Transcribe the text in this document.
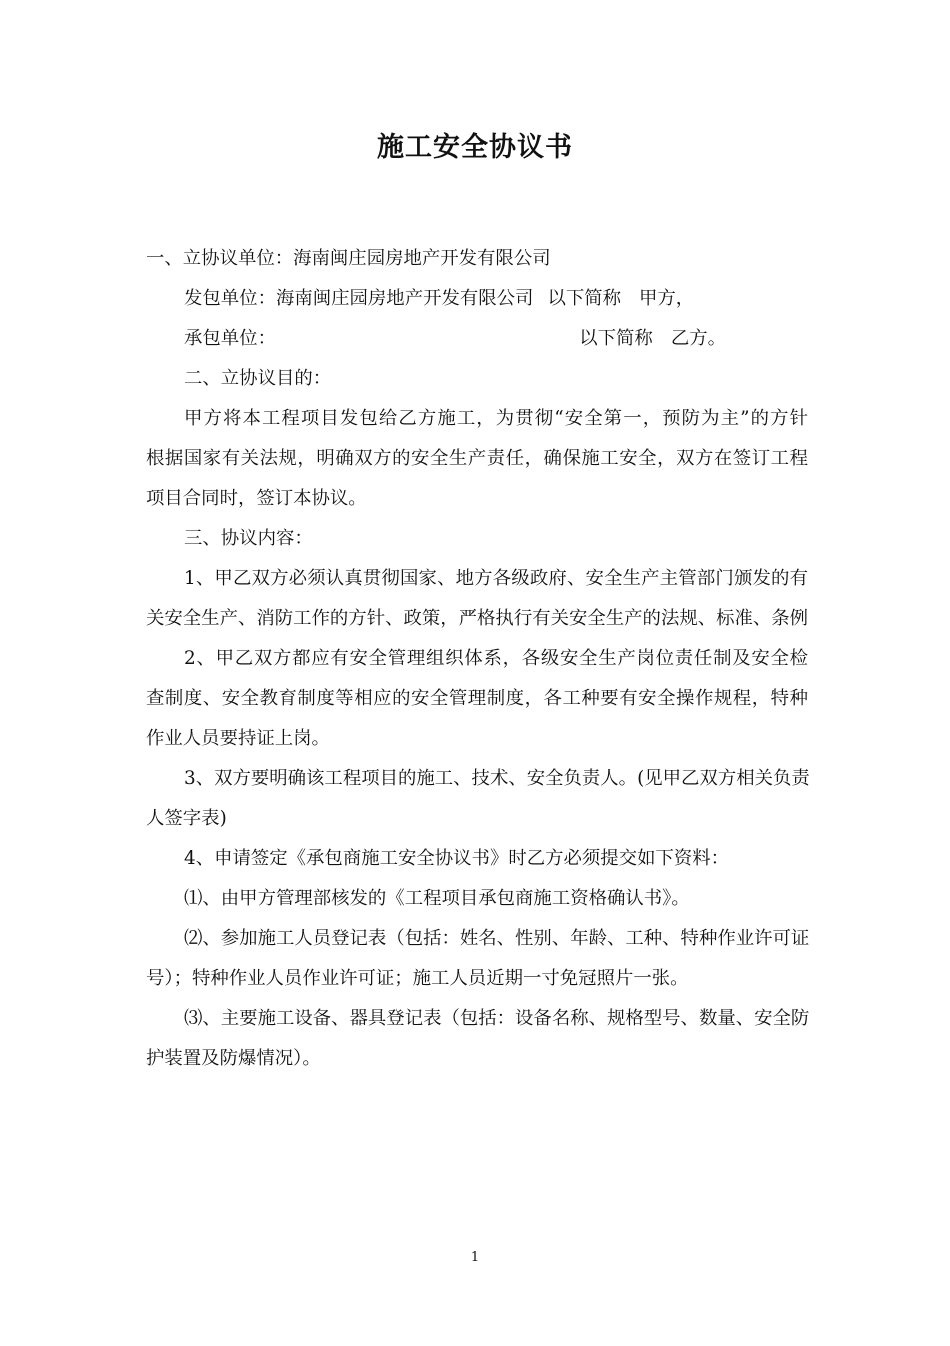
施工安全协议书

一、立协议单位：海南闽庄园房地产开发有限公司

发包单位：海南闽庄园房地产开发有限公司 以下简称 甲方，

承包单位：	以下简称 乙方。

二、立协议目的：

甲方将本工程项目发包给乙方施工，为贯彻“安全第一，预防为主”的方针

根据国家有关法规，明确双方的安全生产责任，确保施工安全，双方在签订工程

项目合同时，签订本协议。

三、协议内容：

1、甲乙双方必须认真贯彻国家、地方各级政府、安全生产主管部门颁发的有

关安全生产、消防工作的方针、政策，严格执行有关安全生产的法规、标准、条例

2、甲乙双方都应有安全管理组织体系，各级安全生产岗位责任制及安全检

查制度、安全教育制度等相应的安全管理制度，各工种要有安全操作规程，特种

作业人员要持证上岗。

3、双方要明确该工程项目的施工、技术、安全负责人。(见甲乙双方相关负责

人签字表)

4、申请签定《承包商施工安全协议书》时乙方必须提交如下资料：

⑴、由甲方管理部核发的《工程项目承包商施工资格确认书》。

⑵、参加施工人员登记表（包括：姓名、性别、年龄、工种、特种作业许可证

号）；特种作业人员作业许可证；施工人员近期一寸免冠照片一张。

⑶、主要施工设备、器具登记表（包括：设备名称、规格型号、数量、安全防

护装置及防爆情况）。

1
